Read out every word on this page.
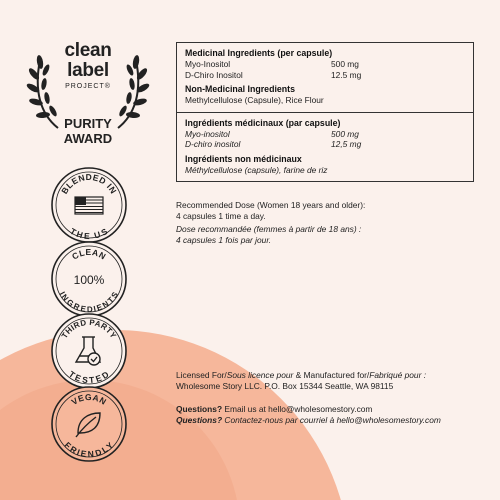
clean
label
PROJECT®
PURITY
AWARD
BLENDED IN
THE US
CLEAN
INGREDIENTS
100%
THIRD PARTY
TESTED
VEGAN
FRIENDLY
Medicinal Ingredients (per capsule)
Myo-Inositol	500 mg
D-Chiro Inositol	12.5 mg
Non-Medicinal Ingredients
Methylcellulose (Capsule), Rice Flour
Ingrédients médicinaux (par capsule)
Myo-inositol	500 mg
D-chiro inositol	12,5 mg
Ingrédients non médicinaux
Méthylcellulose (capsule), farine de riz
Recommended Dose (Women 18 years and older):
4 capsules 1 time a day.
Dose recommandée (femmes à partir de 18 ans) :
4 capsules 1 fois par jour.
Licensed For/Sous licence pour & Manufactured for/Fabriqué pour :
Wholesome Story LLC. P.O. Box 15344 Seattle, WA 98115
Questions? Email us at hello@wholesomestory.com
Questions? Contactez-nous par courriel à hello@wholesomestory.com
